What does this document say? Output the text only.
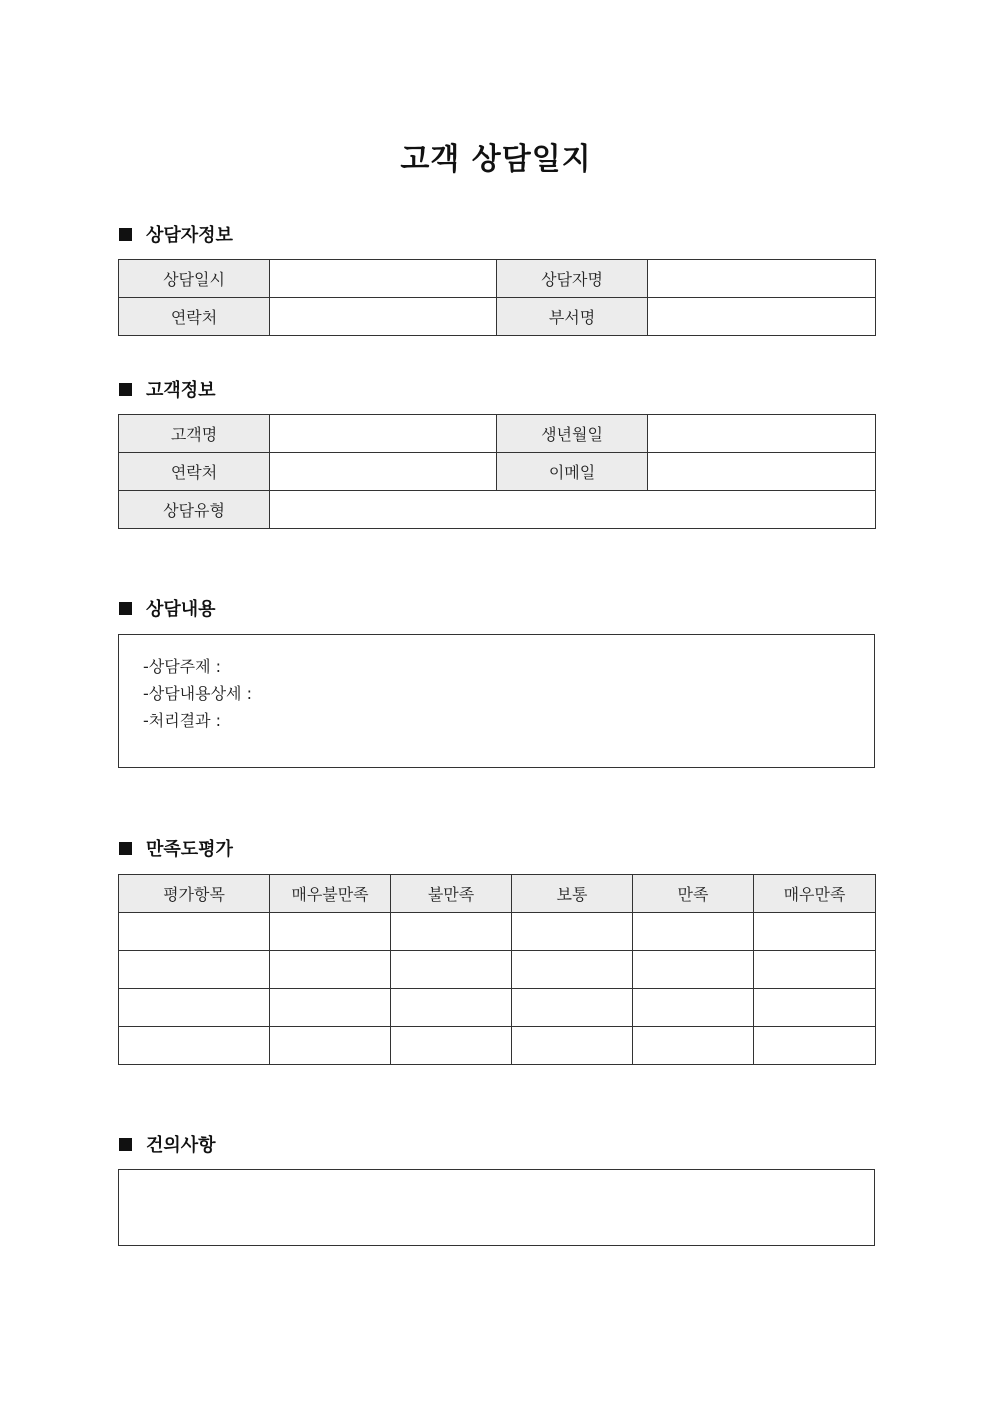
고객 상담일지
상담자정보
상담일시		상담자명	
연락처		부서명	
고객정보
고객명		생년월일	
연락처		이메일	
상담유형			
상담내용
-상담주제 :
-상담내용상세 :
-처리결과 :
만족도평가
평가항목	매우불만족	불만족	보통	만족	매우만족

건의사항
